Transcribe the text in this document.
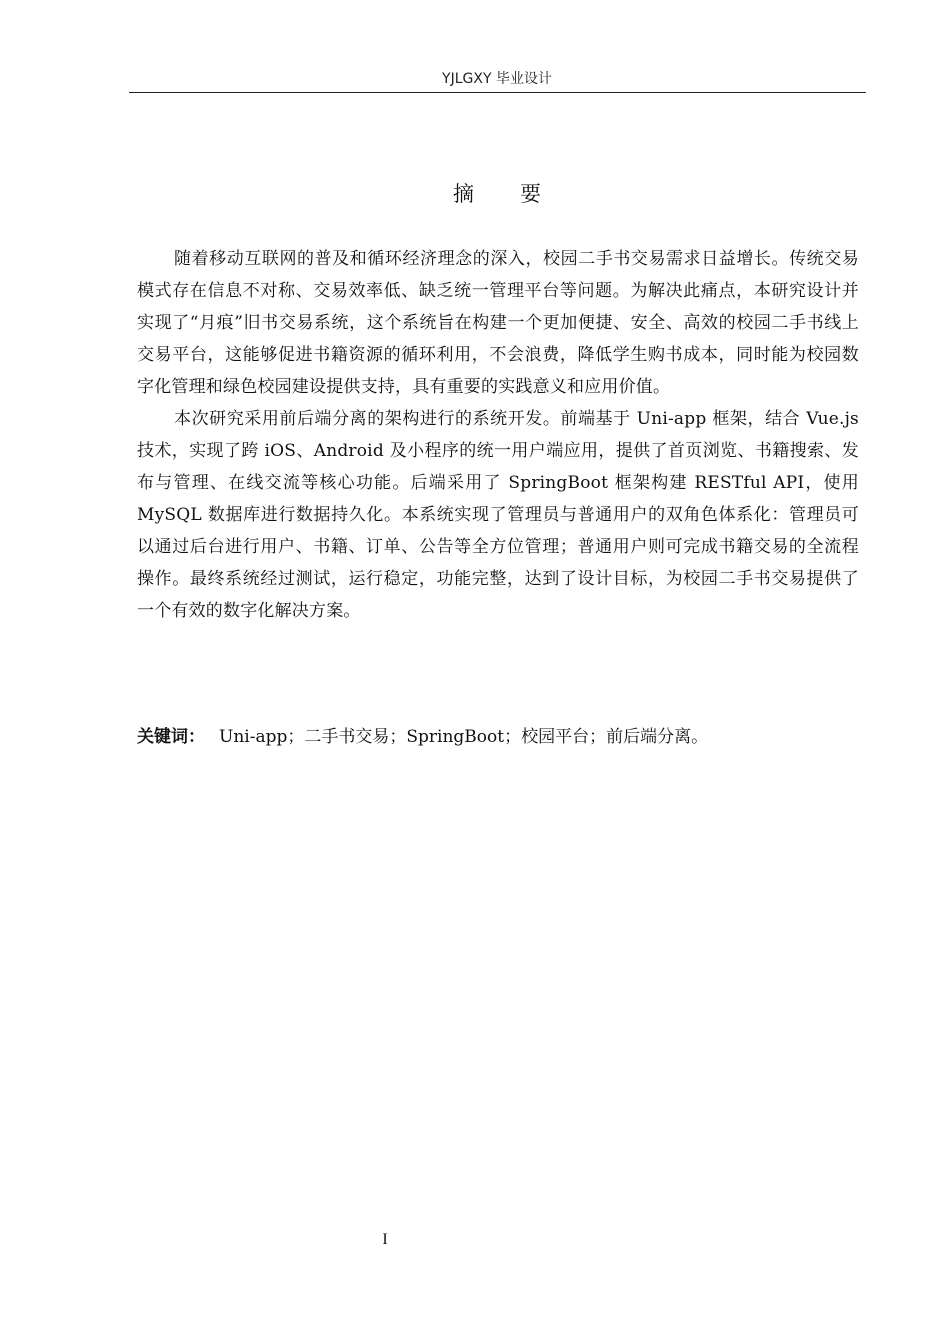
YJLGXY 毕业设计
摘 要

随着移动互联网的普及和循环经济理念的深入，校园二手书交易需求日益增长。传统交易模式存在信息不对称、交易效率低、缺乏统一管理平台等问题。为解决此痛点，本研究设计并实现了“月痕”旧书交易系统，这个系统旨在构建一个更加便捷、安全、高效的校园二手书线上交易平台，这能够促进书籍资源的循环利用，不会浪费，降低学生购书成本，同时能为校园数字化管理和绿色校园建设提供支持，具有重要的实践意义和应用价值。

本次研究采用前后端分离的架构进行的系统开发。前端基于 Uni-app 框架，结合 Vue.js 技术，实现了跨 iOS、Android 及小程序的统一用户端应用，提供了首页浏览、书籍搜索、发布与管理、在线交流等核心功能。后端采用了 SpringBoot 框架构建 RESTful API，使用 MySQL 数据库进行数据持久化。本系统实现了管理员与普通用户的双角色体系化：管理员可以通过后台进行用户、书籍、订单、公告等全方位管理；普通用户则可完成书籍交易的全流程操作。最终系统经过测试，运行稳定，功能完整，达到了设计目标，为校园二手书交易提供了一个有效的数字化解决方案。

关键词： Uni-app；二手书交易；SpringBoot；校园平台；前后端分离。
I
